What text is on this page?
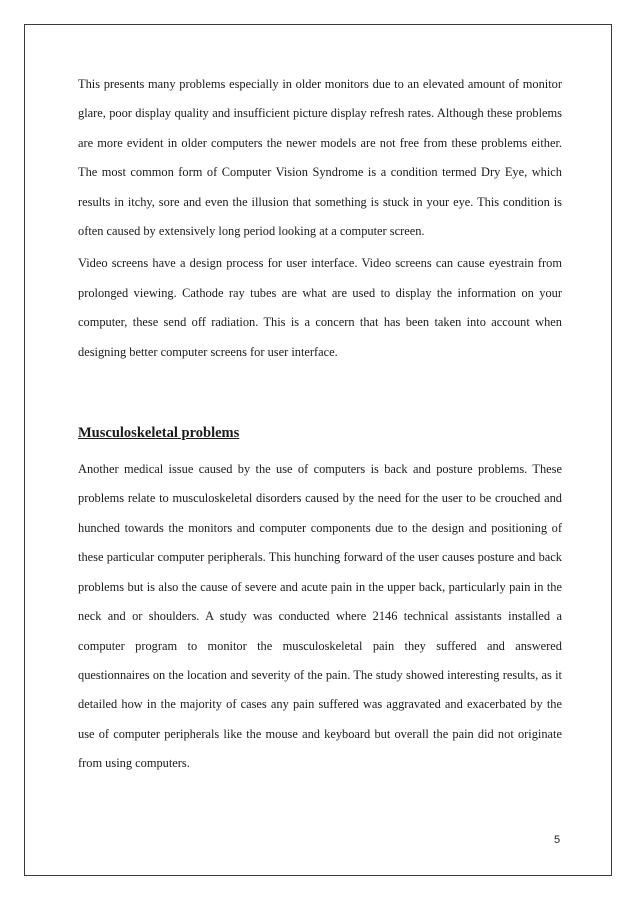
This presents many problems especially in older monitors due to an elevated amount of monitor glare, poor display quality and insufficient picture display refresh rates. Although these problems are more evident in older computers the newer models are not free from these problems either. The most common form of Computer Vision Syndrome is a condition termed Dry Eye, which results in itchy, sore and even the illusion that something is stuck in your eye. This condition is often caused by extensively long period looking at a computer screen.

Video screens have a design process for user interface. Video screens can cause eyestrain from prolonged viewing. Cathode ray tubes are what are used to display the information on your computer, these send off radiation. This is a concern that has been taken into account when designing better computer screens for user interface.

Musculoskeletal problems

Another medical issue caused by the use of computers is back and posture problems. These problems relate to musculoskeletal disorders caused by the need for the user to be crouched and hunched towards the monitors and computer components due to the design and positioning of these particular computer peripherals. This hunching forward of the user causes posture and back problems but is also the cause of severe and acute pain in the upper back, particularly pain in the neck and or shoulders. A study was conducted where 2146 technical assistants installed a computer program to monitor the musculoskeletal pain they suffered and answered questionnaires on the location and severity of the pain. The study showed interesting results, as it detailed how in the majority of cases any pain suffered was aggravated and exacerbated by the use of computer peripherals like the mouse and keyboard but overall the pain did not originate from using computers.

5
